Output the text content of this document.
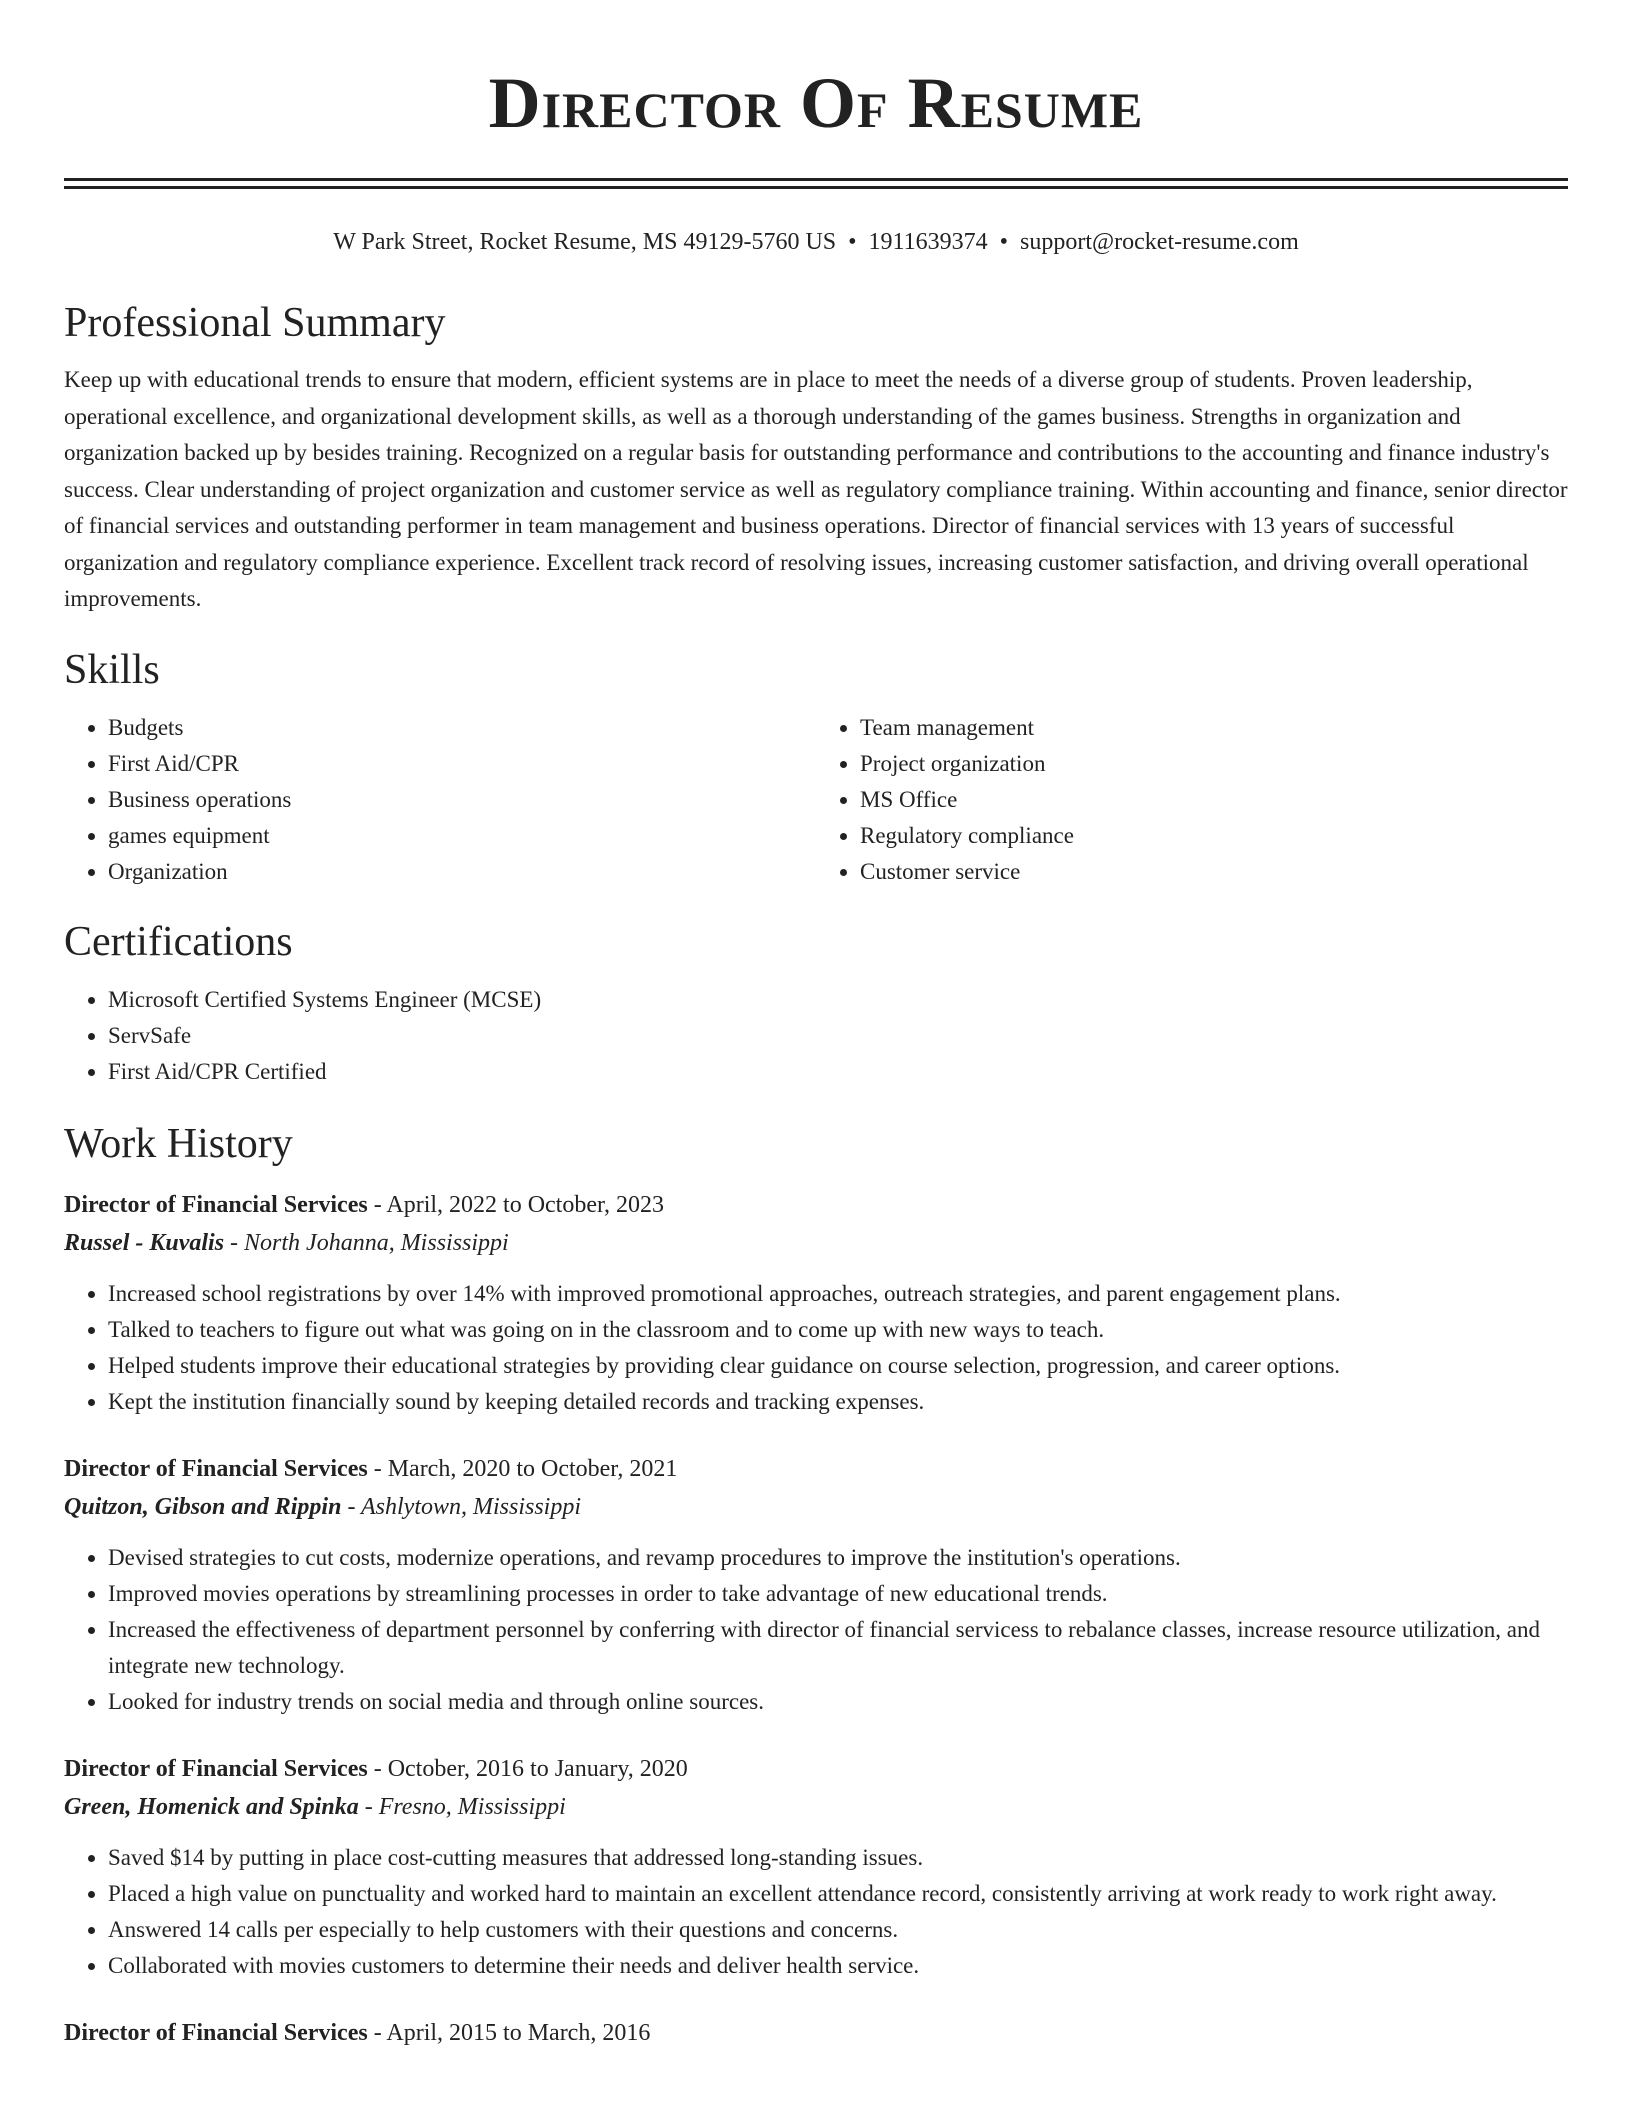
Director Of Resume
W Park Street, Rocket Resume, MS 49129-5760 US • 1911639374 • support@rocket-resume.com
Professional Summary

Keep up with educational trends to ensure that modern, efficient systems are in place to meet the needs of a diverse group of students. Proven leadership, operational excellence, and organizational development skills, as well as a thorough understanding of the games business. Strengths in organization and organization backed up by besides training. Recognized on a regular basis for outstanding performance and contributions to the accounting and finance industry's success. Clear understanding of project organization and customer service as well as regulatory compliance training. Within accounting and finance, senior director of financial services and outstanding performer in team management and business operations. Director of financial services with 13 years of successful organization and regulatory compliance experience. Excellent track record of resolving issues, increasing customer satisfaction, and driving overall operational improvements.

Skills
• Budgets
• First Aid/CPR
• Business operations
• games equipment
• Organization
• Team management
• Project organization
• MS Office
• Regulatory compliance
• Customer service
Certifications
• Microsoft Certified Systems Engineer (MCSE)
• ServSafe
• First Aid/CPR Certified
Work History
Director of Financial Services - April, 2022 to October, 2023
Russel - Kuvalis - North Johanna, Mississippi
• Increased school registrations by over 14% with improved promotional approaches, outreach strategies, and parent engagement plans.
• Talked to teachers to figure out what was going on in the classroom and to come up with new ways to teach.
• Helped students improve their educational strategies by providing clear guidance on course selection, progression, and career options.
• Kept the institution financially sound by keeping detailed records and tracking expenses.
Director of Financial Services - March, 2020 to October, 2021
Quitzon, Gibson and Rippin - Ashlytown, Mississippi
• Devised strategies to cut costs, modernize operations, and revamp procedures to improve the institution's operations.
• Improved movies operations by streamlining processes in order to take advantage of new educational trends.
• Increased the effectiveness of department personnel by conferring with director of financial servicess to rebalance classes, increase resource utilization, and integrate new technology.
• Looked for industry trends on social media and through online sources.
Director of Financial Services - October, 2016 to January, 2020
Green, Homenick and Spinka - Fresno, Mississippi
• Saved $14 by putting in place cost-cutting measures that addressed long-standing issues.
• Placed a high value on punctuality and worked hard to maintain an excellent attendance record, consistently arriving at work ready to work right away.
• Answered 14 calls per especially to help customers with their questions and concerns.
• Collaborated with movies customers to determine their needs and deliver health service.
Director of Financial Services - April, 2015 to March, 2016
